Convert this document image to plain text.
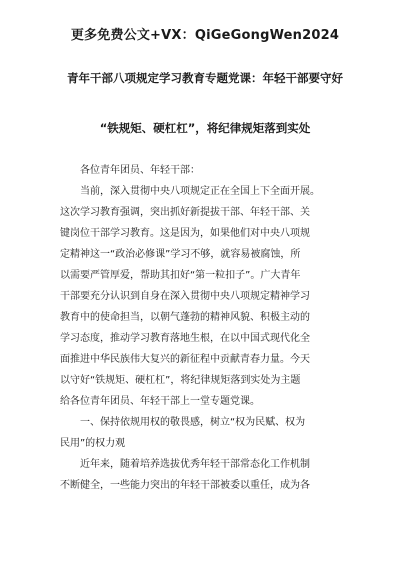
更多免费公文+VX：QiGeGongWen2024
青年干部八项规定学习教育专题党课：年轻干部要守好
“铁规矩、硬杠杠”，将纪律规矩落到实处
各位青年团员、年轻干部：
当前，深入贯彻中央八项规定正在全国上下全面开展。
这次学习教育强调，突出抓好新提拔干部、年轻干部、关
键岗位干部学习教育。这是因为，如果他们对中央八项规
定精神这一“政治必修课”学习不够，就容易被腐蚀，所
以需要严管厚爱，帮助其扣好“第一粒扣子”。广大青年
干部要充分认识到自身在深入贯彻中央八项规定精神学习
教育中的使命担当，以朝气蓬勃的精神风貌、积极主动的
学习态度，推动学习教育落地生根，在以中国式现代化全
面推进中华民族伟大复兴的新征程中贡献青春力量。今天
以守好“铁规矩、硬杠杠”，将纪律规矩落到实处为主题
给各位青年团员、年轻干部上一堂专题党课。
一、保持依规用权的敬畏感，树立“权为民赋、权为
民用”的权力观
近年来，随着培养选拔优秀年轻干部常态化工作机制
不断健全，一些能力突出的年轻干部被委以重任，成为各
